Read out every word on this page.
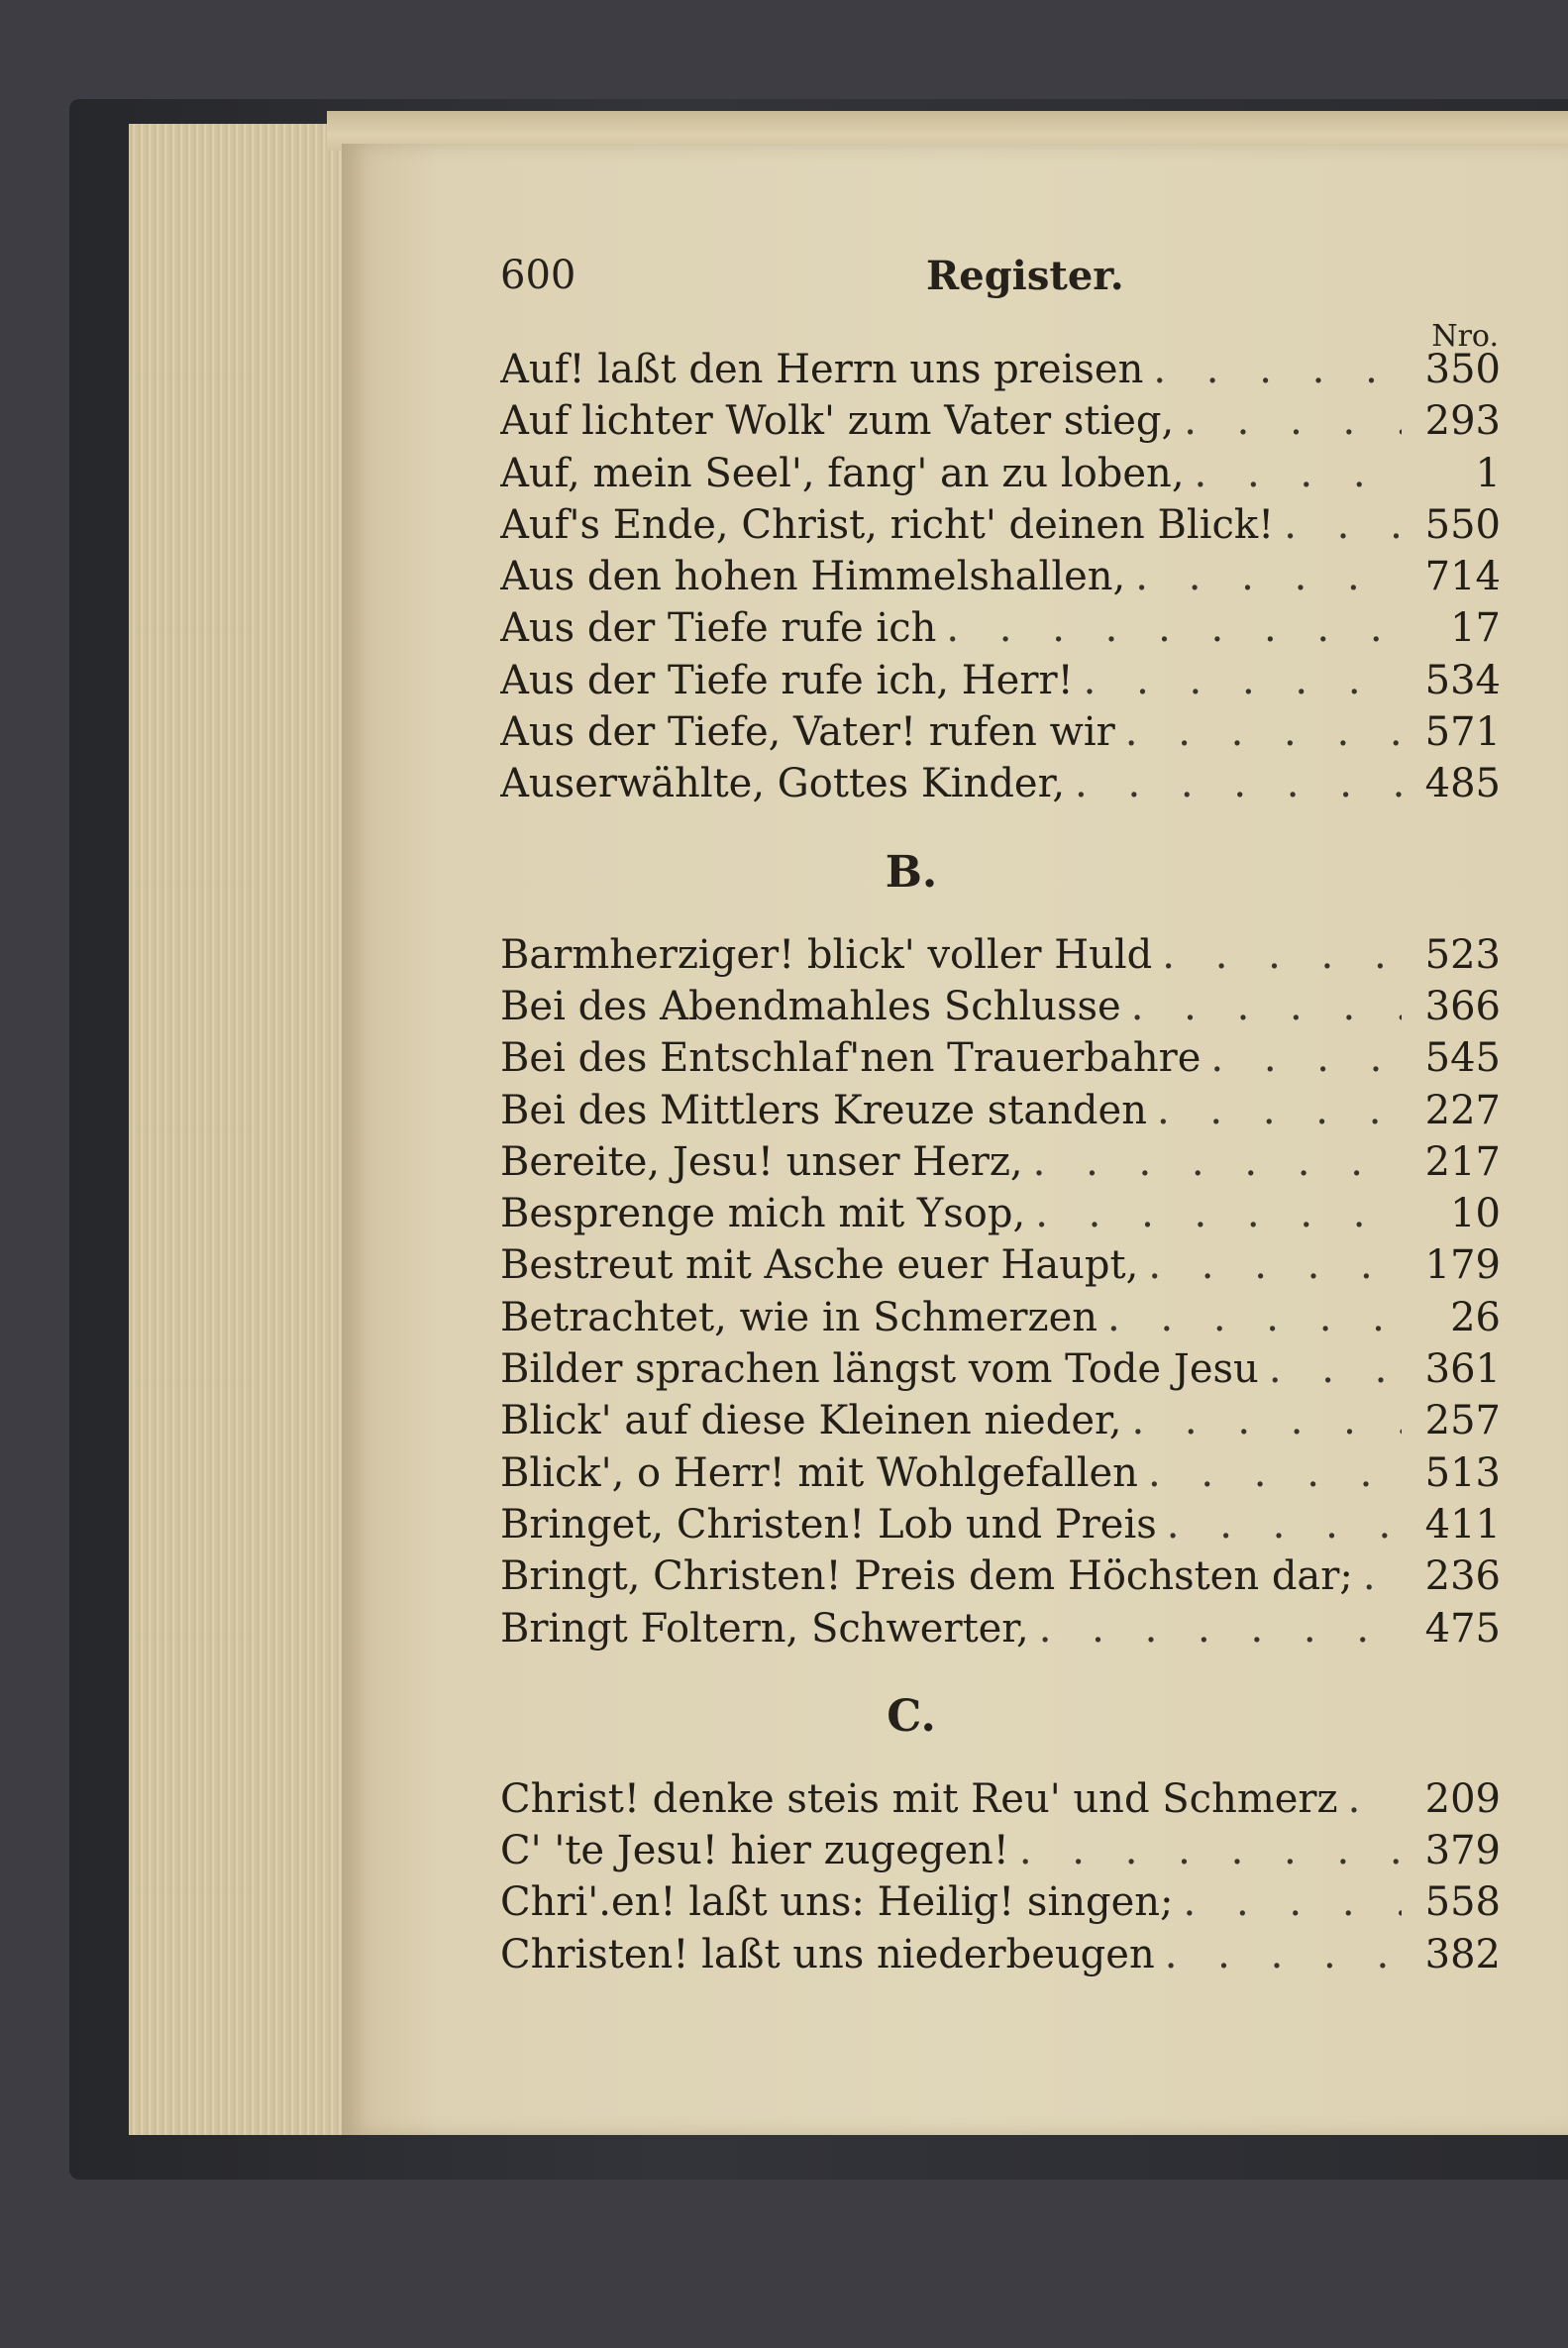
600	Register.
Nro.
Auf! laßt den Herrn uns preisen . . .	350
Auf lichter Wolk' zum Vater stieg, . . .	293
Auf, mein Seel', fang' an zu loben, . . .	1
Auf's Ende, Christ, richt' deinen Blick! . . .	550
Aus den hohen Himmelshallen, . . .	714
Aus der Tiefe rufe ich . . .	17
Aus der Tiefe rufe ich, Herr! . . .	534
Aus der Tiefe, Vater! rufen wir . . .	571
Auserwählte, Gottes Kinder, . . .	485
B.
Barmherziger! blick' voller Huld . . .	523
Bei des Abendmahles Schlusse . . .	366
Bei des Entschlaf'nen Trauerbahre . . .	545
Bei des Mittlers Kreuze standen . . .	227
Bereite, Jesu! unser Herz, . . .	217
Besprenge mich mit Ysop, . . .	10
Bestreut mit Asche euer Haupt, . . .	179
Betrachtet, wie in Schmerzen . . .	26
Bilder sprachen längst vom Tode Jesu . . .	361
Blick' auf diese Kleinen nieder, . . .	257
Blick', o Herr! mit Wohlgefallen . . .	513
Bringet, Christen! Lob und Preis . . .	411
Bringt, Christen! Preis dem Höchsten dar; . . .	236
Bringt Foltern, Schwerter, . . .	475
C.
Christ! denke steis mit Reu' und Schmerz . . .	209
C' 'te Jesu! hier zugegen! . . .	379
Chri'.en! laßt uns: Heilig! singen; . . .	558
Christen! laßt uns niederbeugen . . .	382
